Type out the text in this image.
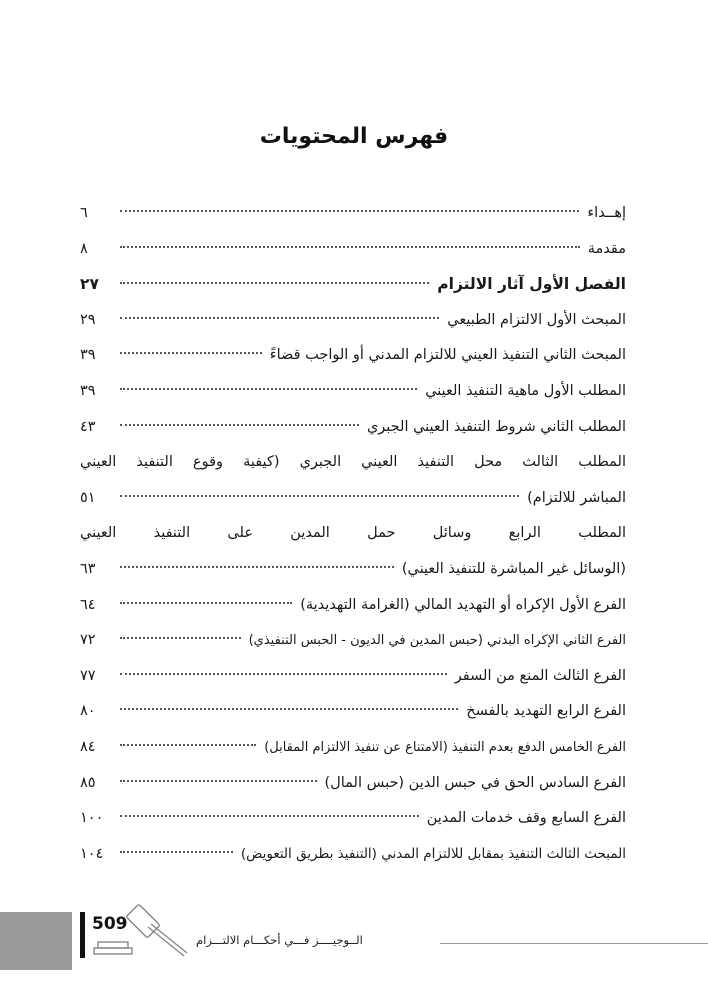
فهرس المحتويات
إهــداء
٦
مقدمة
٨
الفصل الأول آثار الالتزام
٢٧
المبحث الأول الالتزام الطبيعي
٢٩
المبحث الثاني التنفيذ العيني للالتزام المدني أو الواجب قضاءً
٣٩
المطلب الأول ماهية التنفيذ العيني
٣٩
المطلب الثاني شروط التنفيذ العيني الجبري
٤٣
المطلب الثالث محل التنفيذ العيني الجبري (كيفية وقوع التنفيذ العيني
المباشر للالتزام)
٥١
المطلب الرابع وسائل حمل المدين على التنفيذ العيني
(الوسائل غير المباشرة للتنفيذ العيني)
٦٣
الفرع الأول الإكراه أو التهديد المالي (الغرامة التهديدية)
٦٤
الفرع الثاني الإكراه البدني (حبس المدين في الديون - الحبس التنفيذي)
٧٢
الفرع الثالث المنع من السفر
٧٧
الفرع الرابع التهديد بالفسخ
٨٠
الفرع الخامس الدفع بعدم التنفيذ (الامتناع عن تنفيذ الالتزام المقابل)
٨٤
الفرع السادس الحق في حبس الدين (حبس المال)
٨٥
الفرع السابع وقف خدمات المدين
١٠٠
المبحث الثالث التنفيذ بمقابل للالتزام المدني (التنفيذ بطريق التعويض)
١٠٤
509
الــوجيــــز فـــي أحكـــام الالتـــزام
